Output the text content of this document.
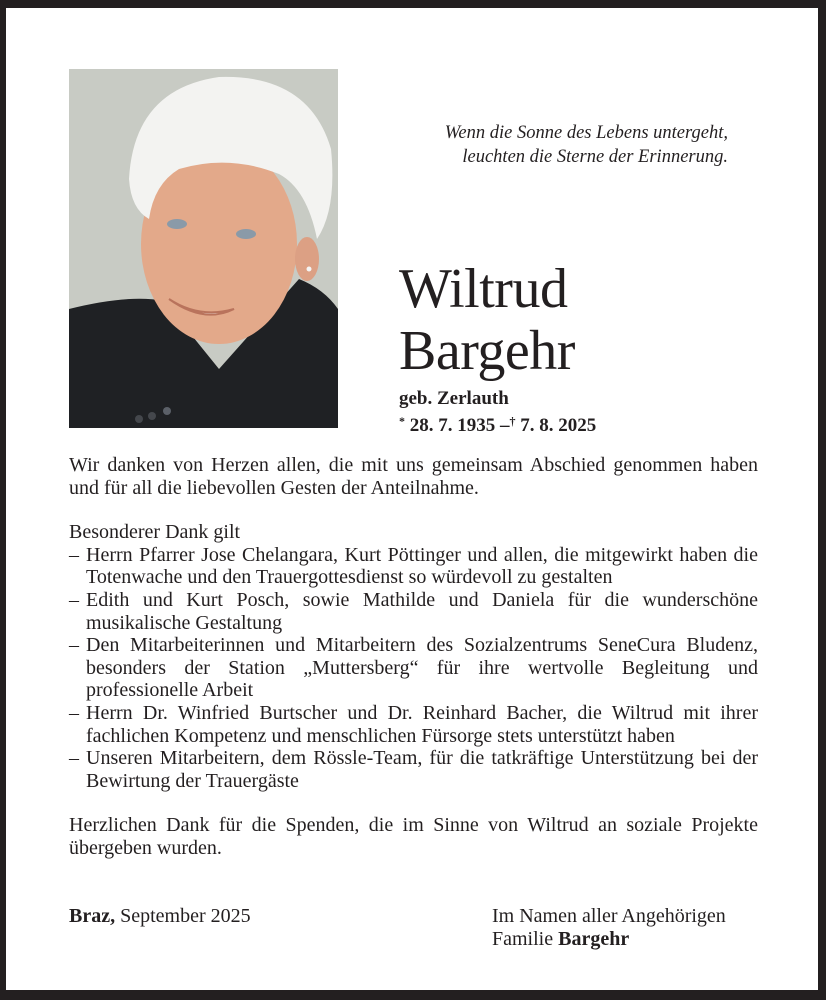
Wenn die Sonne des Lebens untergeht,
leuchten die Sterne der Erinnerung.
Wiltrud
Bargehr
geb. Zerlauth
* 28. 7. 1935 –† 7. 8. 2025

Wir danken von Herzen allen, die mit uns gemeinsam Abschied genommen haben und für all die liebevollen Gesten der Anteilnahme.

Besonderer Dank gilt

– Herrn Pfarrer Jose Chelangara, Kurt Pöttinger und allen, die mitgewirkt haben die Totenwache und den Trauergottesdienst so würdevoll zu gestalten
– Edith und Kurt Posch, sowie Mathilde und Daniela für die wunderschöne musikalische Gestaltung
– Den Mitarbeiterinnen und Mitarbeitern des Sozialzentrums SeneCura Bludenz, besonders der Station „Muttersberg“ für ihre wertvolle Begleitung und professionelle Arbeit
– Herrn Dr. Winfried Burtscher und Dr. Reinhard Bacher, die Wiltrud mit ihrer fachlichen Kompetenz und menschlichen Fürsorge stets unterstützt haben
– Unseren Mitarbeitern, dem Rössle-Team, für die tatkräftige Unterstützung bei der Bewirtung der Trauergäste

Herzlichen Dank für die Spenden, die im Sinne von Wiltrud an soziale Projekte übergeben wurden.

Braz, September 2025	Im Namen aller Angehörigen
Familie Bargehr
